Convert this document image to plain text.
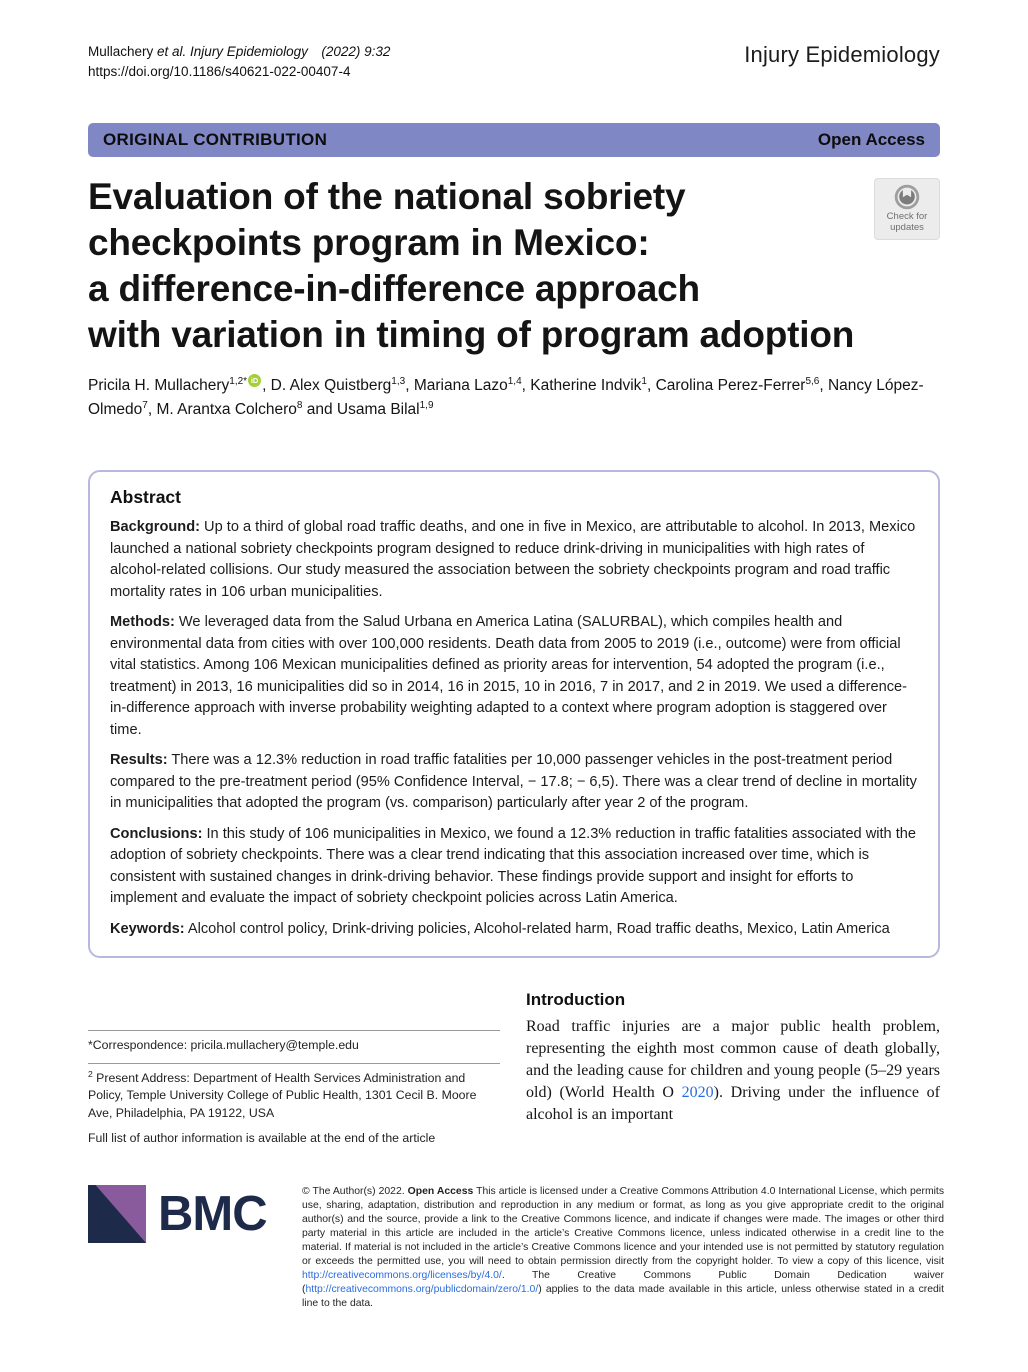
Mullachery et al. Injury Epidemiology  (2022) 9:32
https://doi.org/10.1186/s40621-022-00407-4
Injury Epidemiology
ORIGINAL CONTRIBUTION	Open Access
Evaluation of the national sobriety
checkpoints program in Mexico:
a difference-in-difference approach
with variation in timing of program adoption
Check for
updates

Pricila H. Mullachery$^{1,2*}$ iD , D. Alex Quistberg$^{1,3}$, Mariana Lazo$^{1,4}$, Katherine Indvik$^1$, Carolina Perez-Ferrer$^{5,6}$, Nancy López-Olmedo$^7$, M. Arantxa Colchero$^8$ and Usama Bilal$^{1,9}$

Abstract

Background: Up to a third of global road traffic deaths, and one in five in Mexico, are attributable to alcohol. In 2013, Mexico launched a national sobriety checkpoints program designed to reduce drink-driving in municipalities with high rates of alcohol-related collisions. Our study measured the association between the sobriety checkpoints program and road traffic mortality rates in 106 urban municipalities.

Methods: We leveraged data from the Salud Urbana en America Latina (SALURBAL), which compiles health and environmental data from cities with over 100,000 residents. Death data from 2005 to 2019 (i.e., outcome) were from official vital statistics. Among 106 Mexican municipalities defined as priority areas for intervention, 54 adopted the program (i.e., treatment) in 2013, 16 municipalities did so in 2014, 16 in 2015, 10 in 2016, 7 in 2017, and 2 in 2019. We used a difference-in-difference approach with inverse probability weighting adapted to a context where program adoption is staggered over time.

Results: There was a 12.3% reduction in road traffic fatalities per 10,000 passenger vehicles in the post-treatment period compared to the pre-treatment period (95% Confidence Interval, − 17.8; − 6,5). There was a clear trend of decline in mortality in municipalities that adopted the program (vs. comparison) particularly after year 2 of the program.

Conclusions: In this study of 106 municipalities in Mexico, we found a 12.3% reduction in traffic fatalities associated with the adoption of sobriety checkpoints. There was a clear trend indicating that this association increased over time, which is consistent with sustained changes in drink-driving behavior. These findings provide support and insight for efforts to implement and evaluate the impact of sobriety checkpoint policies across Latin America.

Keywords: Alcohol control policy, Drink-driving policies, Alcohol-related harm, Road traffic deaths, Mexico, Latin America

*Correspondence: pricila.mullachery@temple.edu

$^2$ Present Address: Department of Health Services Administration and Policy, Temple University College of Public Health, 1301 Cecil B. Moore Ave, Philadelphia, PA 19122, USA

Full list of author information is available at the end of the article

Introduction

Road traffic injuries are a major public health problem, representing the eighth most common cause of death globally, and the leading cause for children and young people (5–29 years old) (World Health O 2020). Driving under the influence of alcohol is an important

BMC	© The Author(s) 2022. Open Access This article is licensed under a Creative Commons Attribution 4.0 International License, which permits use, sharing, adaptation, distribution and reproduction in any medium or format, as long as you give appropriate credit to the original author(s) and the source, provide a link to the Creative Commons licence, and indicate if changes were made. The images or other third party material in this article are included in the article’s Creative Commons licence, unless indicated otherwise in a credit line to the material. If material is not included in the article’s Creative Commons licence and your intended use is not permitted by statutory regulation or exceeds the permitted use, you will need to obtain permission directly from the copyright holder. To view a copy of this licence, visit http://creativecommons.org/licenses/by/4.0/. The Creative Commons Public Domain Dedication waiver (http://creativecommons.org/publicdomain/zero/1.0/) applies to the data made available in this article, unless otherwise stated in a credit line to the data.
